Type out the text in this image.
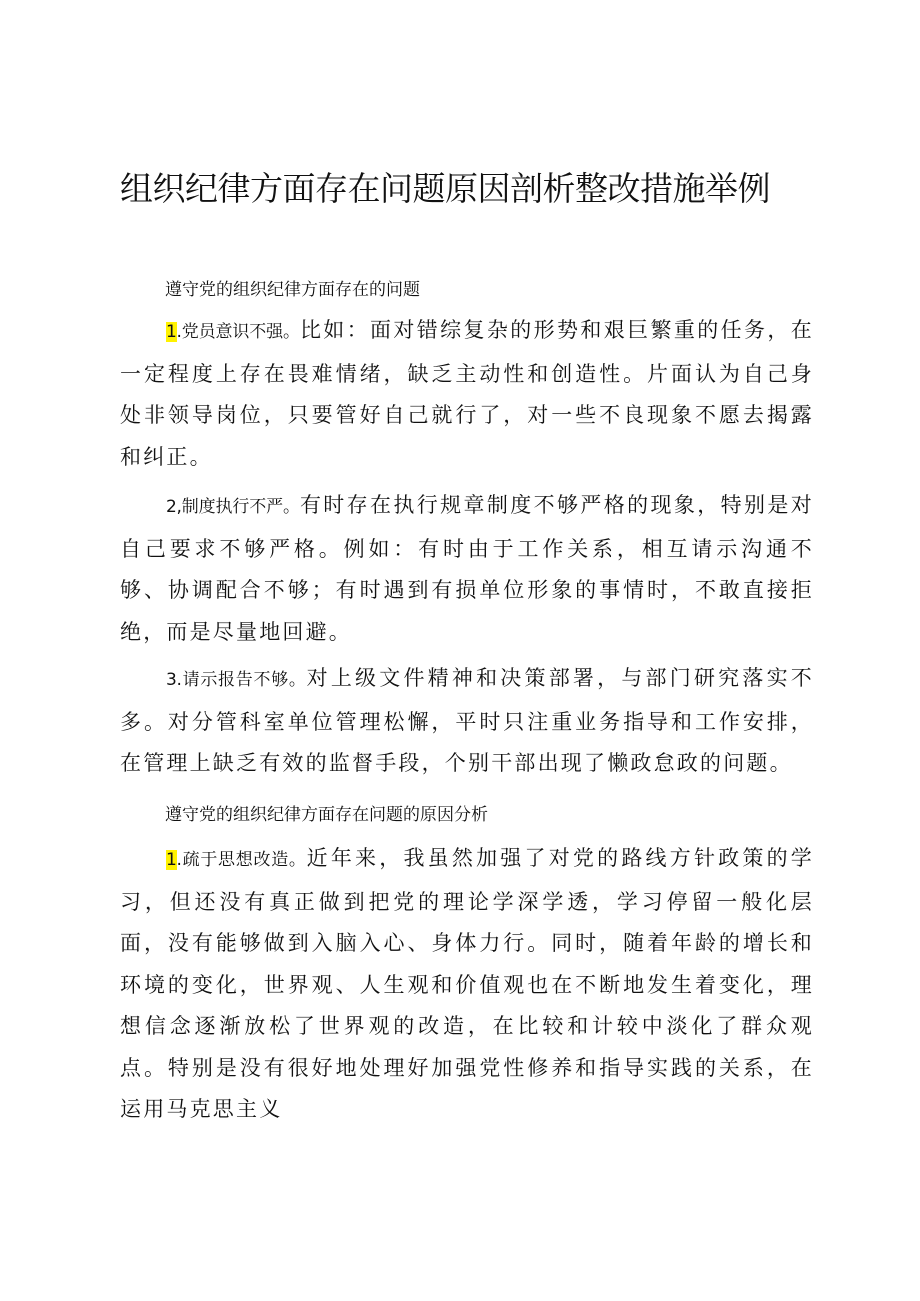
组织纪律方面存在问题原因剖析整改措施举例

遵守党的组织纪律方面存在的问题

1.党员意识不强。比如：面对错综复杂的形势和艰巨繁重的任务，在一定程度上存在畏难情绪，缺乏主动性和创造性。片面认为自己身处非领导岗位，只要管好自己就行了，对一些不良现象不愿去揭露和纠正。

2,制度执行不严。有时存在执行规章制度不够严格的现象，特别是对自己要求不够严格。例如：有时由于工作关系，相互请示沟通不够、协调配合不够；有时遇到有损单位形象的事情时，不敢直接拒绝，而是尽量地回避。

3.请示报告不够。对上级文件精神和决策部署，与部门研究落实不多。对分管科室单位管理松懈，平时只注重业务指导和工作安排，在管理上缺乏有效的监督手段，个别干部出现了懒政怠政的问题。

遵守党的组织纪律方面存在问题的原因分析

1.疏于思想改造。近年来，我虽然加强了对党的路线方针政策的学习，但还没有真正做到把党的理论学深学透，学习停留一般化层面，没有能够做到入脑入心、身体力行。同时，随着年龄的增长和环境的变化，世界观、人生观和价值观也在不断地发生着变化，理想信念逐渐放松了世界观的改造，在比较和计较中淡化了群众观点。特别是没有很好地处理好加强党性修养和指导实践的关系，在运用马克思主义
